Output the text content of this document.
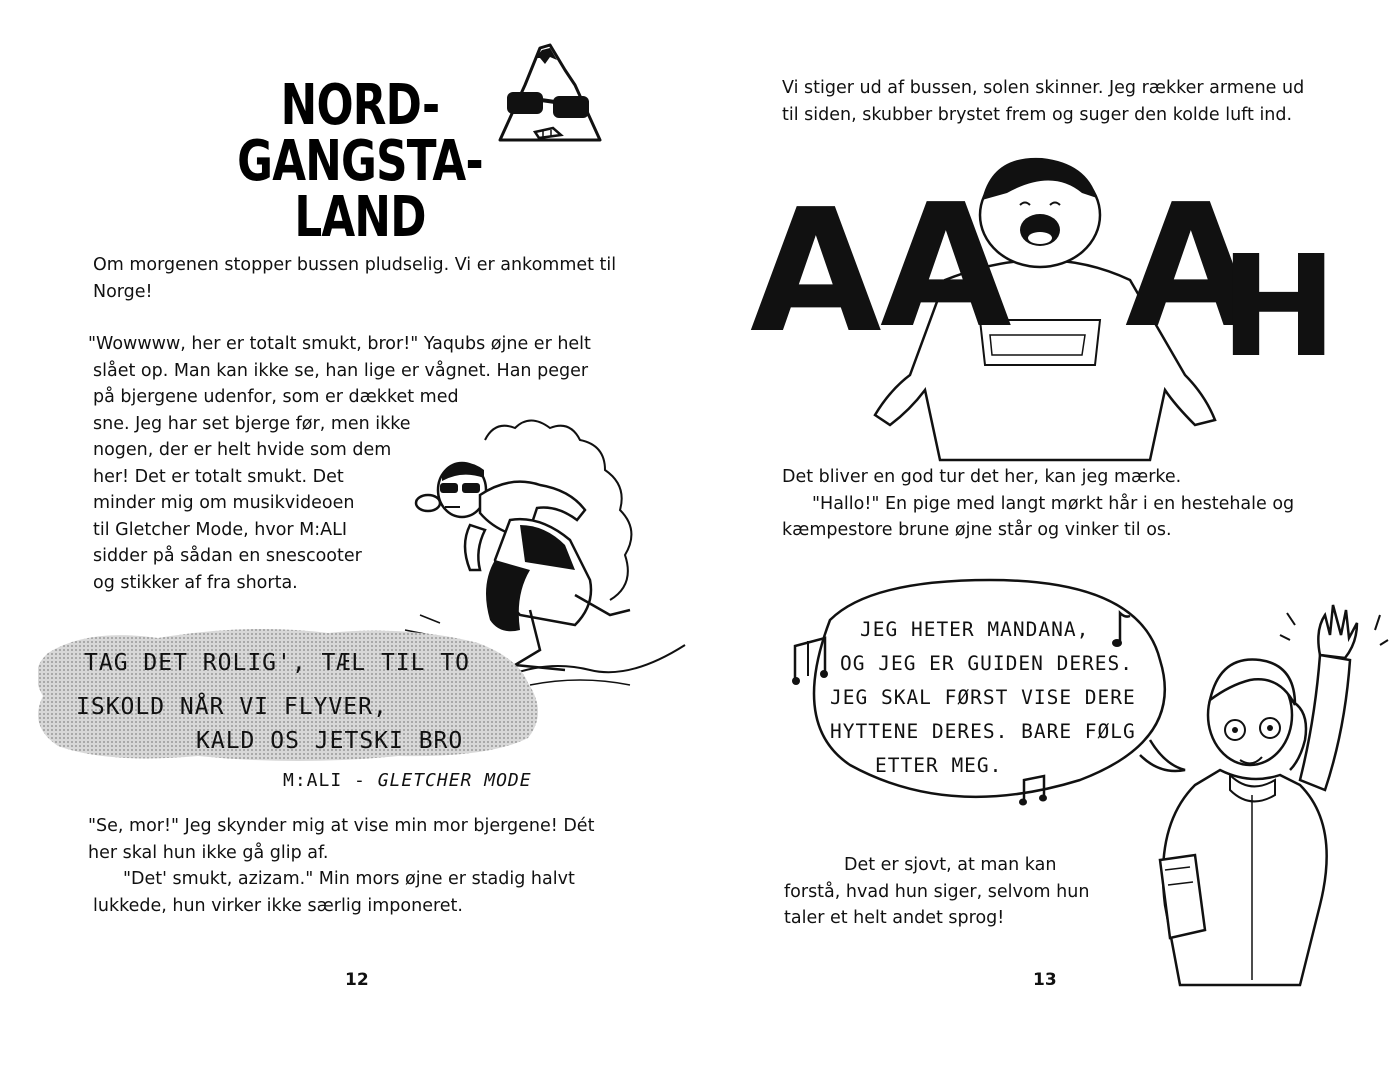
NORD-
GANGSTA-LAND

Om morgenen stopper bussen pludselig. Vi er ankommet til Norge!

"Wowwww, her er totalt smukt, bror!" Yaqubs øjne er helt
slået op. Man kan ikke se, han lige er vågnet. Han peger
på bjergene udenfor, som er dækket med
sne. Jeg har set bjerge før, men ikke
nogen, der er helt hvide som dem
her! Det er totalt smukt. Det
minder mig om musikvideoen
til Gletcher Mode, hvor M:ALI
sidder på sådan en snescooter
og stikker af fra shorta.
TAG DET ROLIG', TÆL TIL TO
ISKOLD NÅR VI FLYVER,
KALD OS JETSKI BRO
M:ALI - GLETCHER MODE

"Se, mor!" Jeg skynder mig at vise min mor bjergene! Dét her skal hun ikke gå glip af.

"Det' smukt, azizam." Min mors øjne er stadig halvt lukkede, hun virker ikke særlig imponeret.

12

Vi stiger ud af bussen, solen skinner. Jeg rækker armene ud til siden, skubber brystet frem og suger den kolde luft ind.

A
A A
H

Det bliver en god tur det her, kan jeg mærke.

"Hallo!" En pige med langt mørkt hår i en hestehale og kæmpestore brune øjne står og vinker til os.

JEG HETER MANDANA,
OG JEG ER GUIDEN DERES.
JEG SKAL FØRST VISE DERE
HYTTENE DERES. BARE FØLG
ETTER MEG.

Det er sjovt, at man kan forstå, hvad hun siger, selvom hun taler et helt andet sprog!

13
